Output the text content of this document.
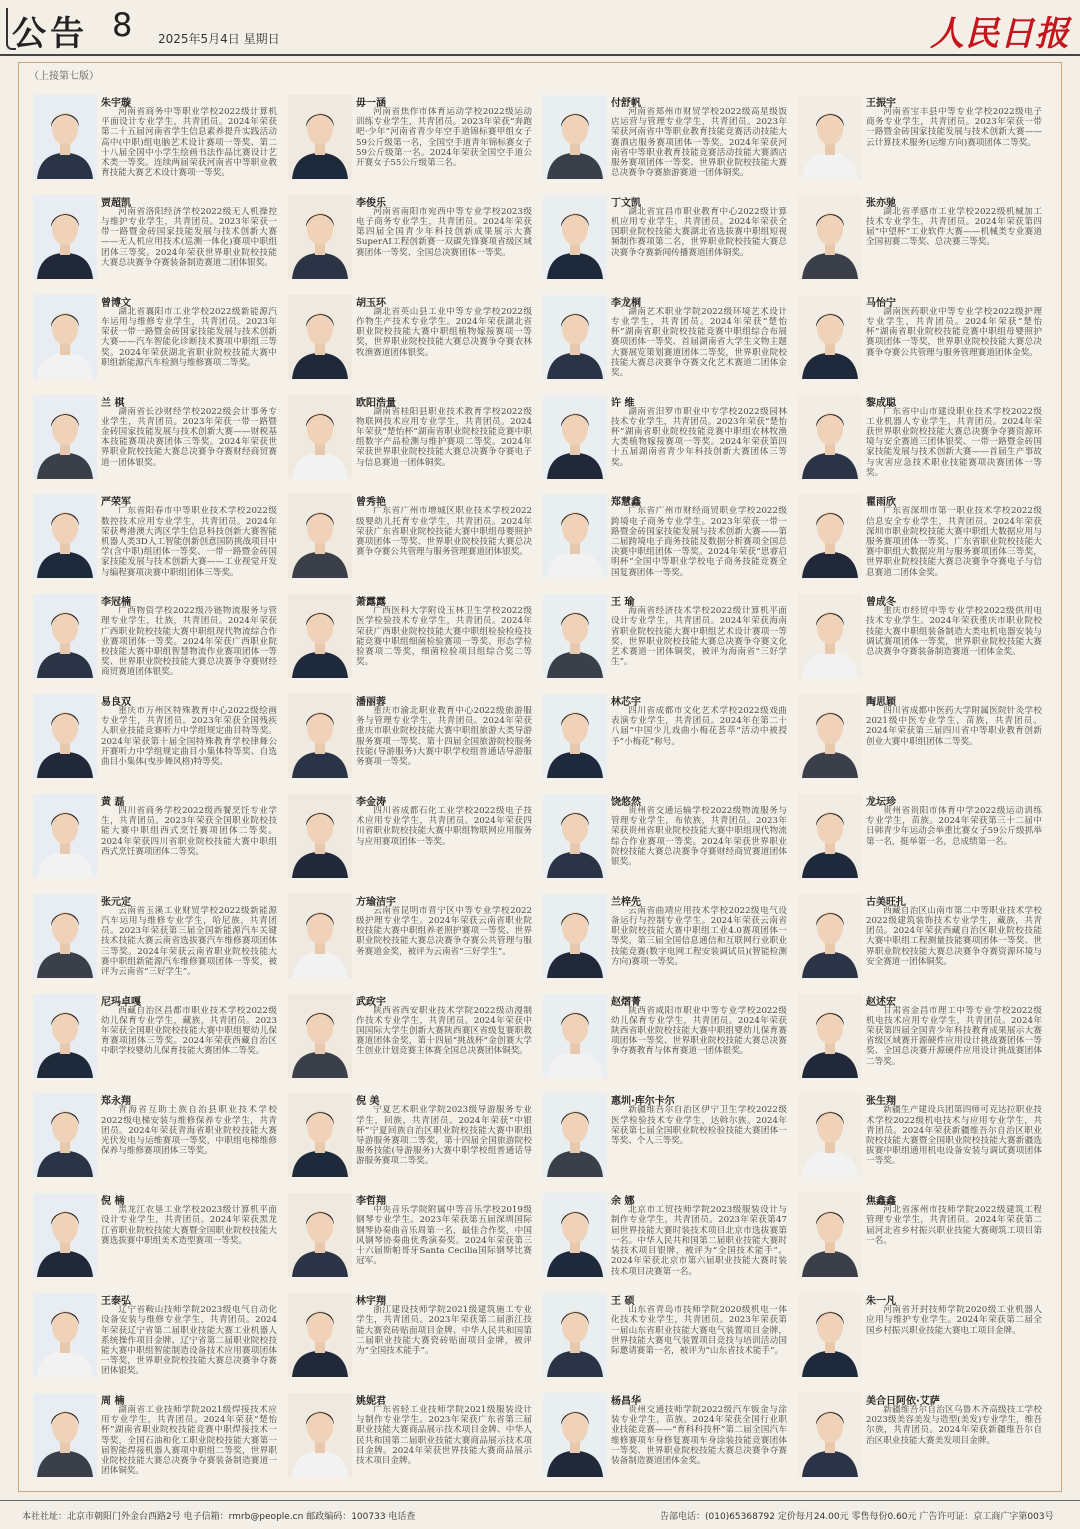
公告 8 2025年5月4日 星期日	人民日报
（上接第七版）
朱宇璇
河南省商务中等职业学校2022级计算机平面设计专业学生，共青团员。2024年荣获第二十五届河南省学生信息素养提升实践活动高中(中职)组电脑艺术设计赛项一等奖、第二十八届全国中小学生绘画书法作品比赛设计艺术类一等奖。连续两届荣获河南省中等职业教育技能大赛艺术设计赛项一等奖。
毋一涵
河南省焦作市体育运动学校2022级运动训练专业学生，共青团员。2023年荣获“奔跑吧·少年”河南省青少年空手道锦标赛甲组女子59公斤级第一名，全国空手道青年锦标赛女子59公斤级第一名。2024年荣获全国空手道公开赛女子55公斤级第三名。
付舒帆
河南省郑州市财贸学校2022级高星级饭店运营与管理专业学生，共青团员。2023年荣获河南省中等职业教育技能竞赛活动技能大赛酒店服务赛项团体一等奖。2024年荣获河南省中等职业教育技能竞赛活动技能大赛酒店服务赛项团体一等奖、世界职业院校技能大赛总决赛争夺赛旅游赛道一团体铜奖。
王振宇
河南省宝丰县中等专业学校2022级电子商务专业学生，共青团员。2023年荣获一带一路暨金砖国家技能发展与技术创新大赛——云计算技术服务(运维方向)赛项团体二等奖。
贾超凯
河南省洛阳经济学校2022级无人机操控与维护专业学生，共青团员。2023年荣获一带一路暨金砖国家技能发展与技术创新大赛——无人机应用技术(巡测一体化)赛项中职组团体三等奖。2024年荣获世界职业院校技能大赛总决赛争夺赛装备制造赛道二团体银奖。
李俊乐
河南省南阳市宛西中等专业学校2023级电子商务专业学生，共青团员。2024年荣获第四届全国青少年科技创新成果展示大赛SuperAI工程创新赛一双碳先锋赛项省级区域赛团体一等奖、全国总决赛团体一等奖。
丁文凯
湖北省宜昌市职业教育中心2022级计算机应用专业学生，共青团员。2024年荣获全国职业院校技能大赛湖北省选拔赛中职组短视频制作赛项第二名，世界职业院校技能大赛总决赛争夺赛新闻传播赛道团体铜奖。
张亦驰
湖北省孝感市工业学校2022级机械加工技术专业学生，共青团员。2024年荣获第四届“中望杯”工业软件大赛——机械类专业赛道全国初赛二等奖、总决赛三等奖。
曾博文
湖北省襄阳市工业学校2022级新能源汽车运用与维修专业学生，共青团员。2023年荣获一带一路暨金砖国家技能发展与技术创新大赛——汽车智能化诊断技术赛项中职组三等奖。2024年荣获湖北省职业院校技能大赛中职组新能源汽车检测与维修赛项二等奖。
胡玉环
湖北省英山县工业中等专业学校2022级作物生产技术专业学生。2024年荣获湖北省职业院校技能大赛中职组植物嫁接赛项一等奖，世界职业院校技能大赛总决赛争夺赛农林牧渔赛道团体银奖。
李龙桐
湖南艺术职业学院2022级环境艺术设计专业学生，共青团员。2024年荣获“楚怡杯”湖南省职业院校技能竞赛中职组综合布展赛项团体一等奖、首届湖南省大学生文物主题大赛展览策划赛道团体二等奖，世界职业院校技能大赛总决赛争夺赛文化艺术赛道二团体金奖。
马怡宁
湖南医药职业中等专业学校2022级护理专业学生，共青团员。2024年荣获“楚怡杯”湖南省职业院校技能竞赛中职组母婴照护赛项团体一等奖，世界职业院校技能大赛总决赛争夺赛公共管理与服务管理赛道团体金奖。
兰 棋
湖南省长沙财经学校2022级会计事务专业学生，共青团员。2023年荣获一带一路暨金砖国家技能发展与技术创新大赛——财税基本技能赛项决赛团体三等奖。2024年荣获世界职业院校技能大赛总决赛争夺赛财经商贸赛道一团体银奖。
欧阳浩量
湖南省桂阳县职业技术教育学校2022级物联网技术应用专业学生，共青团员。2024年荣获“楚怡杯”湖南省职业院校技能竞赛中职组数字产品检测与维护赛项二等奖。2024年荣获世界职业院校技能大赛总决赛争夺赛电子与信息赛道一团体铜奖。
许 维
湖南省汨罗市职业中专学校2022级园林技术专业学生，共青团员。2023年荣获“楚怡杯”湖南省职业院校技能竞赛中职组农林牧渔大类植物嫁接赛项一等奖。2024年荣获第四十五届湖南省青少年科技创新大赛团体三等奖。
黎成聪
广东省中山市建设职业技术学校2022级工业机器人专业学生，共青团员。2024年荣获世界职业院校技能大赛总决赛争夺赛资源环境与安全赛道三团体银奖、一带一路暨金砖国家技能发展与技术创新大赛——首届生产事故与灾害应急技术职业技能赛项决赛团体一等奖。
严荣军
广东省阳春市中等职业技术学校2022级数控技术应用专业学生，共青团员。2024年荣获粤港澳大湾区学生信息科技创新大赛智能机器人类3D人工智能创新创意国防挑战项目中学(含中职)组团体一等奖、一带一路暨金砖国家技能发展与技术创新大赛——工业视觉开发与编程赛项决赛中职组团体三等奖。
曾秀艳
广东省广州市增城区职业技术学校2022级婴幼儿托育专业学生，共青团员。2024年荣获广东省职业院校技能大赛中职组母婴照护赛项团体一等奖、世界职业院校技能大赛总决赛争夺赛公共管理与服务管理赛道团体银奖。
郑慧鑫
广东省广州市财经商贸职业学校2022级跨境电子商务专业学生。2023年荣获一带一路暨金砖国家技能发展与技术创新大赛——第二届跨境电子商务技能及数据分析赛项全国总决赛中职组团体一等奖。2024年荣获“思睿启明杯”全国中等职业学校电子商务技能竞赛全国复赛团体一等奖。
瞿雨欣
广东省深圳市第一职业技术学校2022级信息安全专业学生，共青团员。2024年荣获深圳市职业院校技能大赛中职组大数据应用与服务赛项团体一等奖、广东省职业院校技能大赛中职组大数据应用与服务赛项团体三等奖，世界职业院校技能大赛总决赛争夺赛电子与信息赛道二团体金奖。
李冠楠
广西物资学校2022级冷链物流服务与管理专业学生，壮族，共青团员。2024年荣获广西职业院校技能大赛中职组现代物流综合作业赛项团体一等奖。2024年荣获广西职业院校技能大赛中职组智慧物流作业赛项团体一等奖、世界职业院校技能大赛总决赛争夺赛财经商贸赛道团体银奖。
萧露露
广西医科大学附设玉林卫生学校2022级医学检验技术专业学生，共青团员。2024年荣获广西职业院校技能大赛中职组检验检疫技能竞赛中职组细菌检验赛项一等奖、形态学检验赛项二等奖，细菌检验项目组综合奖二等奖。
王 瑜
海南省经济技术学校2022级计算机平面设计专业学生，共青团员。2024年荣获海南省职业院校技能大赛中职组艺术设计赛项一等奖、世界职业院校技能大赛总决赛争夺赛文化艺术赛道一团体铜奖，被评为海南省“三好学生”。
曾成冬
重庆市经贸中等专业学校2022级供用电技术专业学生。2024年荣获重庆市职业院校技能大赛中职组装备制造大类电机电器安装与调试赛项团体一等奖，世界职业院校技能大赛总决赛争夺赛装备制造赛道一团体金奖。
易良双
重庆市万州区特殊教育中心2022级绘画专业学生，共青团员。2023年荣获全国残疾人职业技能竞赛听力中学组规定曲目特等奖。2024年荣获第十届全国特殊教育学校律舞公开赛听力中学组规定曲目小集体特等奖、自选曲目小集体(曳步舞风格)特等奖。
潘丽蓉
重庆市渝北职业教育中心2022级旅游服务与管理专业学生，共青团员。2024年荣获重庆市职业院校技能大赛中职组旅游大类导游服务赛项一等奖、第十四届全国旅游院校服务技能(导游服务)大赛中职学校组普通话导游服务赛项一等奖。
林芯宇
四川省成都市文化艺术学校2022级戏曲表演专业学生，共青团员。2024年在第二十八届“中国少儿戏曲小梅花荟萃”活动中被授予“小梅花”称号。
陶思颖
四川省成都中医药大学附属医院针灸学校2021级中医专业学生，苗族，共青团员。2024年荣获第三届四川省中等职业教育创新创业大赛中职组团体二等奖。
黄 磊
四川省商务学校2022级西餐烹饪专业学生，共青团员。2023年荣获全国职业院校技能大赛中职组西式烹饪赛项团体二等奖。2024年荣获四川省职业院校技能大赛中职组西式烹饪赛项团体二等奖。
李金涛
四川省成都石化工业学校2022级电子技术应用专业学生，共青团员。2024年荣获四川省职业院校技能大赛中职组物联网应用服务与应用赛项团体一等奖。
饶悠然
贵州省交通运输学校2022级物流服务与管理专业学生，布依族，共青团员。2023年荣获贵州省职业院校技能大赛中职组现代物流综合作业赛项一等奖。2024年荣获世界职业院校技能大赛总决赛争夺赛财经商贸赛道团体银奖。
龙坛珍
贵州省贵阳市体育中学2022级运动训练专业学生，苗族。2024年荣获第三十二届中日韩青少年运动会举重比赛女子59公斤级抓举第一名，挺举第一名，总成绩第一名。
张元定
云南省玉溪工业财贸学校2022级新能源汽车运用与维修专业学生，哈尼族，共青团员。2023年荣获第三届全国新能源汽车关键技术技能大赛云南省选拔赛汽车维修赛项团体三等奖。2024年荣获云南省职业院校技能大赛中职组新能源汽车维修赛项团体一等奖，被评为云南省“三好学生”。
方瑜洁宇
云南省昆明市晋宁区中等专业学校2022级护理专业学生。2024年荣获云南省职业院校技能大赛中职组养老照护赛项一等奖、世界职业院校技能大赛总决赛争夺赛公共管理与服务赛道金奖，被评为云南省“三好学生”。
兰梓先
云南省曲靖应用技术学校2022级电气设备运行与控制专业学生。2024年荣获云南省职业院校技能大赛中职组工业4.0赛项团体一等奖，第三届全国信息通信和互联网行业职业技能竞赛(数字电网工程安装调试员)(智能检测方向)赛项一等奖。
古美旺扎
西藏自治区山南市第二中等职业技术学校2022级建筑装饰技术专业学生，藏族，共青团员。2024年荣获西藏自治区职业院校技能大赛中职组工程测量技能赛项团体一等奖、世界职业院校技能大赛总决赛争夺赛资源环境与安全赛道一团体铜奖。
尼玛卓嘎
西藏自治区昌都市职业技术学校2022级幼儿保育专业学生，藏族，共青团员。2023年荣获全国职业院校技能大赛中职组婴幼儿保育赛项团体三等奖。2024年荣获西藏自治区中职学校婴幼儿保育技能大赛团体二等奖。
武政宇
陕西省西安职业技术学院2022级动漫制作技术专业学生，共青团员。2024年荣获中国国际大学生创新大赛陕西赛区省级复赛职教赛道团体金奖，第十四届“挑战杯”金创赛大学生创业计划竞赛主体赛全国总决赛团体铜奖。
赵熠菁
陕西省咸阳市职业中等专业学校2022级幼儿保育专业学生，共青团员。2024年荣获陕西省职业院校技能大赛中职组婴幼儿保育赛项团体一等奖、世界职业院校技能大赛总决赛争夺赛教育与体育赛道一团体银奖。
赵述宏
甘肃省金昌市理工中等专业学校2022级机电技术应用专业学生，共青团员。2024年荣获第四届全国青少年科技教育成果展示大赛省级区域赛开源硬件应用设计挑战赛团体一等奖、全国总决赛开源硬件应用设计挑战赛团体二等奖。
郑永翔
青海省互助土族自治县职业技术学校2022级电梯安装与维修保养专业学生，共青团员。2024年荣获青海省职业院校技能大赛光伏发电与运维赛项一等奖，中职组电梯维修保养与维修赛项团体三等奖。
倪 美
宁夏艺术职业学院2023级导游服务专业学生，回族，共青团员。2024年荣获“中银杯”宁夏回族自治区职业院校技能大赛中职组导游服务赛项二等奖，第十四届全国旅游院校服务技能(导游服务)大赛中职学校组普通话导游服务赛项二等奖。
惠圳·库尔卡尔
新疆维吾尔自治区伊宁卫生学校2022级医学检验技术专业学生，达斡尔族。2024年荣获第七届全国职业院校检验技能大赛团体一等奖、个人三等奖。
张生翔
新疆生产建设兵团第四师可克达拉职业技术学校2022级机电技术与应用专业学生，共青团员。2024年荣获新疆维吾尔自治区职业院校技能大赛暨全国职业院校技能大赛新疆选拔赛中职组通用机电设备安装与调试赛项团体一等奖。
倪 楠
黑龙江农垦工业学校2023级计算机平面设计专业学生，共青团员。2024年荣获黑龙江省职业院校技能大赛暨全国职业院校技能大赛选拔赛中职组美术造型赛项一等奖。
李哲翔
中央音乐学院附属中等音乐学校2019级钢琴专业学生。2023年荣获第五届深圳国际钢琴协奏曲音乐周第一名，最佳合作奖，中国风钢琴协奏曲优秀演奏奖。2024年荣获第三十六届斯帕哥牙Santa Cecilia国际钢琴比赛冠军。
余 娜
北京市工贸技师学院2023级服装设计与制作专业学生，共青团员。2023年荣获第47届世界技能大赛时装技术项目北京市选拔赛第一名。中华人民共和国第二届职业技能大赛时装技术项目银牌，被评为“全国技术能手”。2024年荣获北京市第六届职业技能大赛时装技术项目决赛第一名。
焦鑫鑫
河北省涿州市技师学院2022级建筑工程管理专业学生，共青团员。2024年荣获第二届河北省乡村振兴职业技能大赛砌筑工项目第一名。
王泰弘
辽宁省鞍山技师学院2023级电气自动化设备安装与维修专业学生，共青团员。2024年荣获辽宁省第二届职业技能大赛工业机器人系统操作项目金牌、辽宁省第二届职业院校技能大赛中职组智能制造设备技术应用赛项团体一等奖，世界职业院校技能大赛总决赛争夺赛团体银奖。
林宇翔
浙江建设技师学院2021级建筑施工专业学生，共青团员。2023年荣获第二届浙江技能大赛瓷砖贴面项目金牌、中华人民共和国第二届职业技能大赛瓷砖贴面项目金牌，被评为“全国技术能手”。
王 硕
山东省青岛市技师学院2020级机电一体化技术专业学生，共青团员。2023年荣获第一届山东省职业技能大赛电气装置项目金牌，世界技能大赛电气装置项目竞技与培训活动国际邀请赛第一名，被评为“山东省技术能手”。
朱一凡
河南省开封技师学院2020级工业机器人应用与维护专业学生。2024年荣获第二届全国乡村振兴职业技能大赛电工项目金牌。
周 楠
湖南省工业技师学院2021级焊接技术应用专业学生，共青团员。2024年荣获“楚怡杯”湖南省职业院校技能竞赛中职焊接技术一等奖，全国石油和化工职业院校技能大赛第一届智能焊接机器人赛项中职组二等奖，世界职业院校技能大赛总决赛争夺赛装备制造赛道一团体铜奖。
姚妮君
广东省轻工业技师学院2021级服装设计与制作专业学生。2023年荣获广东省第三届职业技能大赛商品展示技术项目金牌、中华人民共和国第二届职业技能大赛商品展示技术项目金牌。2024年荣获世界技能大赛商品展示技术项目金牌。
杨昌华
贵州交通技师学院2022级汽车钣金与涂装专业学生，苗族。2024年荣获全国行业职业技能竞赛——“育科科技杯”第二届全国汽车维修赛项车身修复赛项车身涂装技能竞赛团体一等奖、世界职业院校技能大赛总决赛争夺赛装备制造赛道团体金奖。
美合日阿依·艾萨
新疆维吾尔自治区乌鲁木齐高级技工学校2023级美容美发与造型(美发)专业学生，维吾尔族，共青团员。2024年荣获新疆维吾尔自治区职业技能大赛美发项目金牌。
本社社址：北京市朝阳门外金台西路2号 电子信箱：rmrb@people.cn 邮政编码：100733 电话查	告部电话：(010)65368792 定价每月24.00元 零售每份0.60元 广告许可证：京工商广字第003号
